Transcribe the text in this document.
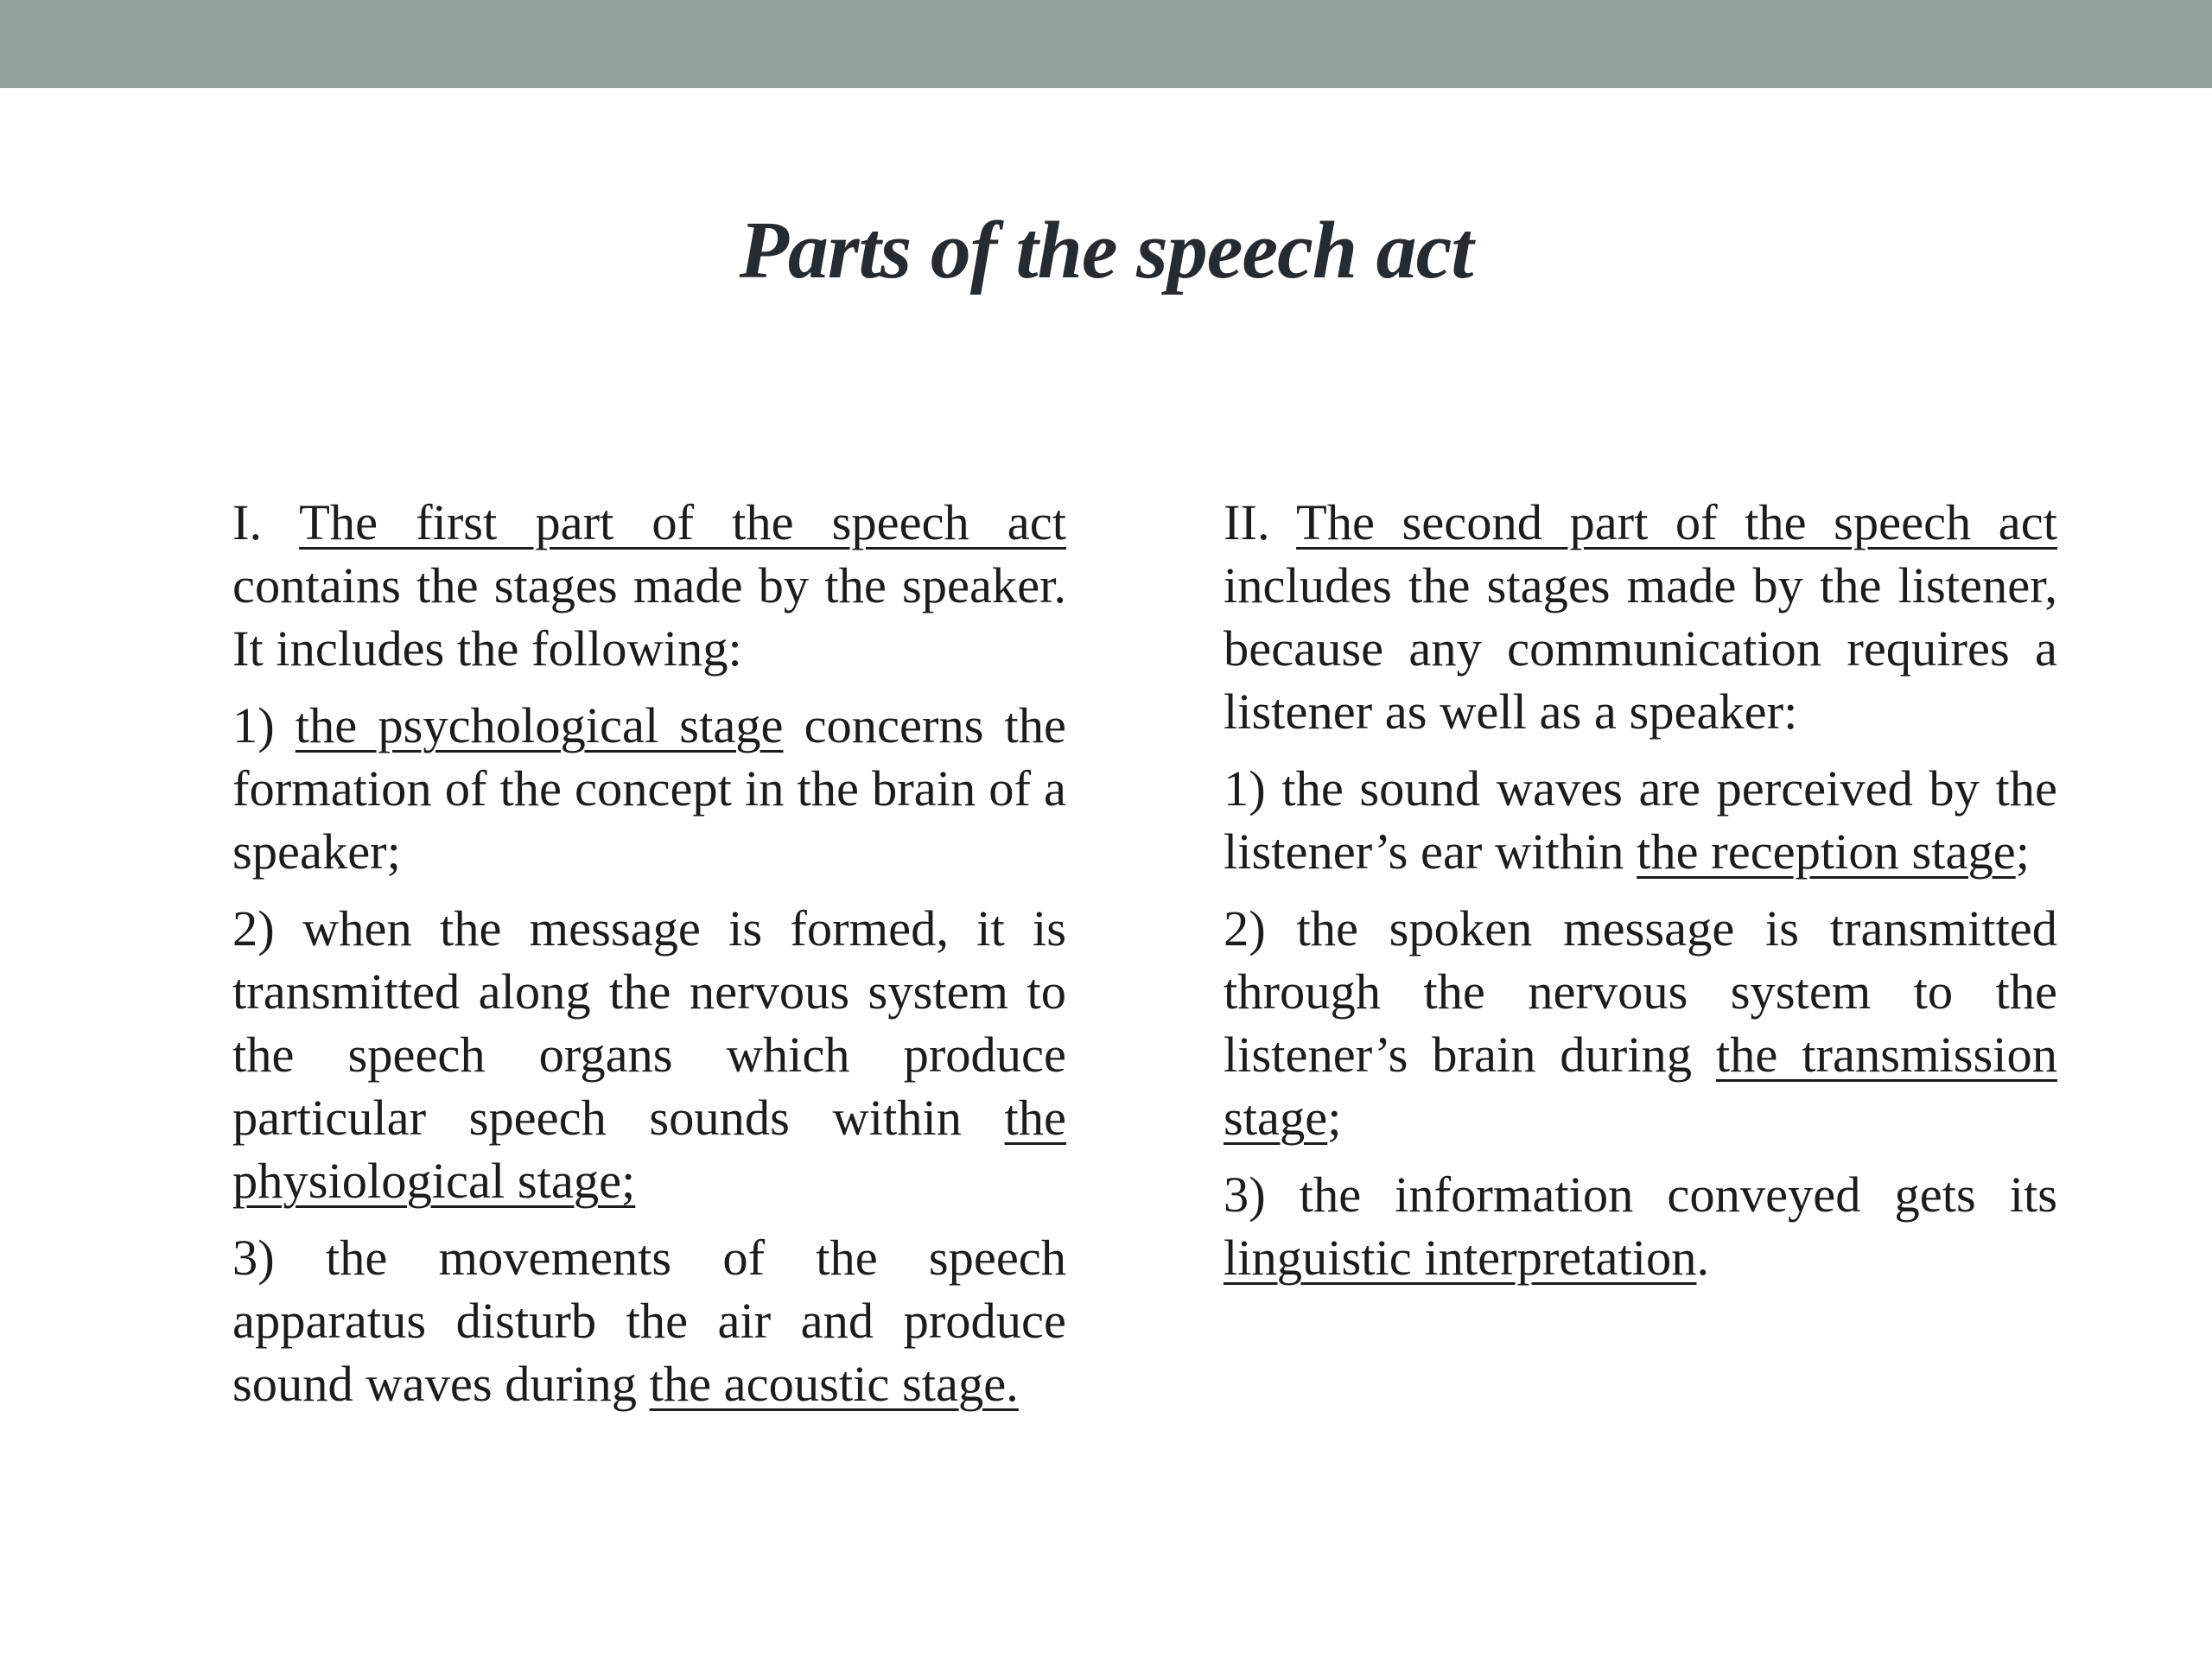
Parts of the speech act

I. The first part of the speech act contains the stages made by the speaker. It includes the following:

1) the psychological stage concerns the formation of the concept in the brain of a speaker;

2) when the message is formed, it is transmitted along the nervous system to the speech organs which produce particular speech sounds within the physiological stage;

3) the movements of the speech apparatus disturb the air and produce sound waves during the acoustic stage.

II. The second part of the speech act includes the stages made by the listener, because any communication requires a listener as well as a speaker:

1) the sound waves are perceived by the listener’s ear within the reception stage;

2) the spoken message is transmitted through the nervous system to the listener’s brain during the transmission stage;

3) the information conveyed gets its linguistic interpretation.
